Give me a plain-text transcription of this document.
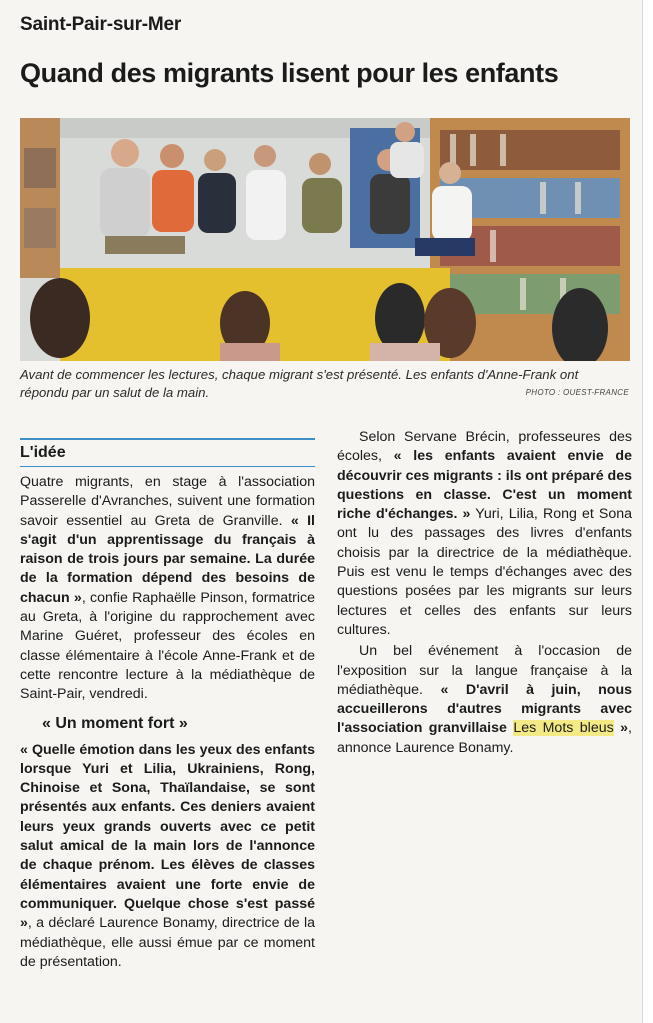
Saint-Pair-sur-Mer
Quand des migrants lisent pour les enfants
Avant de commencer les lectures, chaque migrant s'est présenté. Les enfants d'Anne-Frank ont répondu par un salut de la main.	PHOTO : OUEST-FRANCE
L'idée

Quatre migrants, en stage à l'association Passerelle d'Avranches, suivent une formation savoir essentiel au Greta de Granville. « Il s'agit d'un apprentissage du français à raison de trois jours par semaine. La durée de la formation dépend des besoins de chacun », confie Raphaëlle Pinson, formatrice au Greta, à l'origine du rapprochement avec Marine Guéret, professeur des écoles en classe élémentaire à l'école Anne-Frank et de cette rencontre lecture à la médiathèque de Saint-Pair, vendredi.

« Un moment fort »

« Quelle émotion dans les yeux des enfants lorsque Yuri et Lilia, Ukrainiens, Rong, Chinoise et Sona, Thaïlandaise, se sont présentés aux enfants. Ces deniers avaient leurs yeux grands ouverts avec ce petit salut amical de la main lors de l'annonce de chaque prénom. Les élèves de classes élémentaires avaient une forte envie de communiquer. Quelque chose s'est passé », a déclaré Laurence Bonamy, directrice de la médiathèque, elle aussi émue par ce moment de présentation.

Selon Servane Brécin, professeures des écoles, « les enfants avaient envie de découvrir ces migrants : ils ont préparé des questions en classe. C'est un moment riche d'échanges. » Yuri, Lilia, Rong et Sona ont lu des passages des livres d'enfants choisis par la directrice de la médiathèque. Puis est venu le temps d'échanges avec des questions posées par les migrants sur leurs lectures et celles des enfants sur leurs cultures.

Un bel événement à l'occasion de l'exposition sur la langue française à la médiathèque. « D'avril à juin, nous accueillerons d'autres migrants avec l'association granvillaise Les Mots bleus », annonce Laurence Bonamy.
